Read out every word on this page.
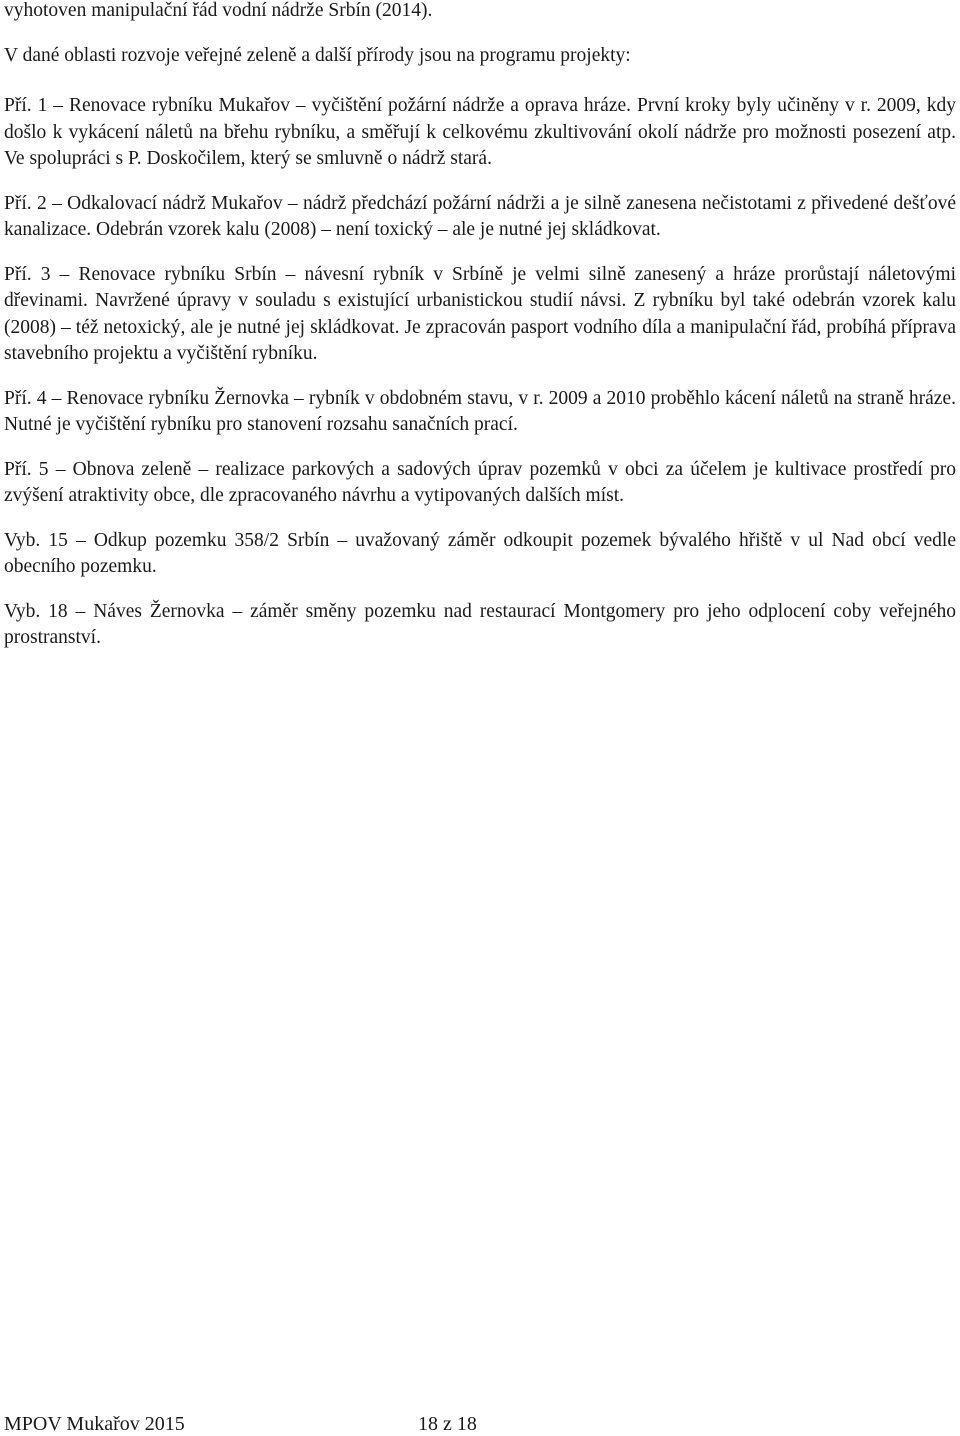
vyhotoven manipulační řád vodní nádrže Srbín (2014).

V dané oblasti rozvoje veřejné zeleně a další přírody jsou na programu projekty:

Pří. 1 – Renovace rybníku Mukařov – vyčištění požární nádrže a oprava hráze. První kroky byly učiněny v r. 2009, kdy došlo k vykácení náletů na břehu rybníku, a směřují k celkovému zkultivování okolí nádrže pro možnosti posezení atp. Ve spolupráci s P. Doskočilem, který se smluvně o nádrž stará.

Pří. 2 – Odkalovací nádrž Mukařov – nádrž předchází požární nádrži a je silně zanesena nečistotami z přivedené dešťové kanalizace. Odebrán vzorek kalu (2008) – není toxický – ale je nutné jej skládkovat.

Pří. 3 – Renovace rybníku Srbín – návesní rybník v Srbíně je velmi silně zanesený a hráze prorůstají náletovými dřevinami. Navržené úpravy v souladu s existující urbanistickou studií návsi. Z rybníku byl také odebrán vzorek kalu (2008) – též netoxický, ale je nutné jej skládkovat. Je zpracován pasport vodního díla a manipulační řád, probíhá příprava stavebního projektu a vyčištění rybníku.

Pří. 4 – Renovace rybníku Žernovka – rybník v obdobném stavu, v r. 2009 a 2010 proběhlo kácení náletů na straně hráze. Nutné je vyčištění rybníku pro stanovení rozsahu sanačních prací.

Pří. 5 – Obnova zeleně – realizace parkových a sadových úprav pozemků v obci za účelem je kultivace prostředí pro zvýšení atraktivity obce, dle zpracovaného návrhu a vytipovaných dalších míst.

Vyb. 15 – Odkup pozemku 358/2 Srbín – uvažovaný záměr odkoupit pozemek bývalého hřiště v ul Nad obcí vedle obecního pozemku.

Vyb. 18 – Náves Žernovka – záměr směny pozemku nad restaurací Montgomery pro jeho odplocení coby veřejného prostranství.

MPOV Mukařov 2015	18 z 18
